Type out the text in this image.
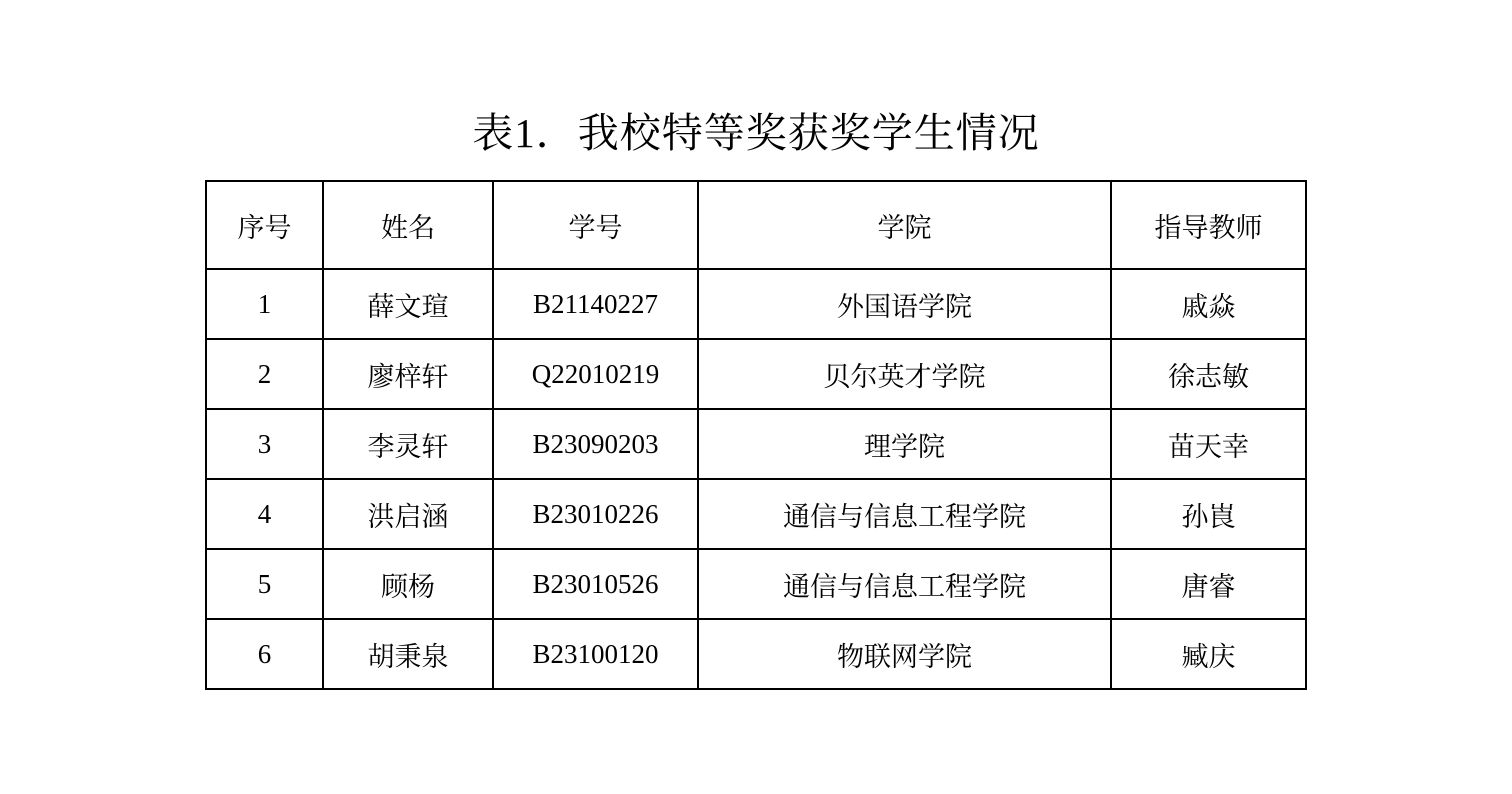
表1．我校特等奖获奖学生情况
序号	姓名	学号	学院	指导教师
1	薛文瑄	B21140227	外国语学院	戚焱
2	廖梓轩	Q22010219	贝尔英才学院	徐志敏
3	李灵轩	B23090203	理学院	苗天幸
4	洪启涵	B23010226	通信与信息工程学院	孙崀
5	顾杨	B23010526	通信与信息工程学院	唐睿
6	胡秉泉	B23100120	物联网学院	臧庆
